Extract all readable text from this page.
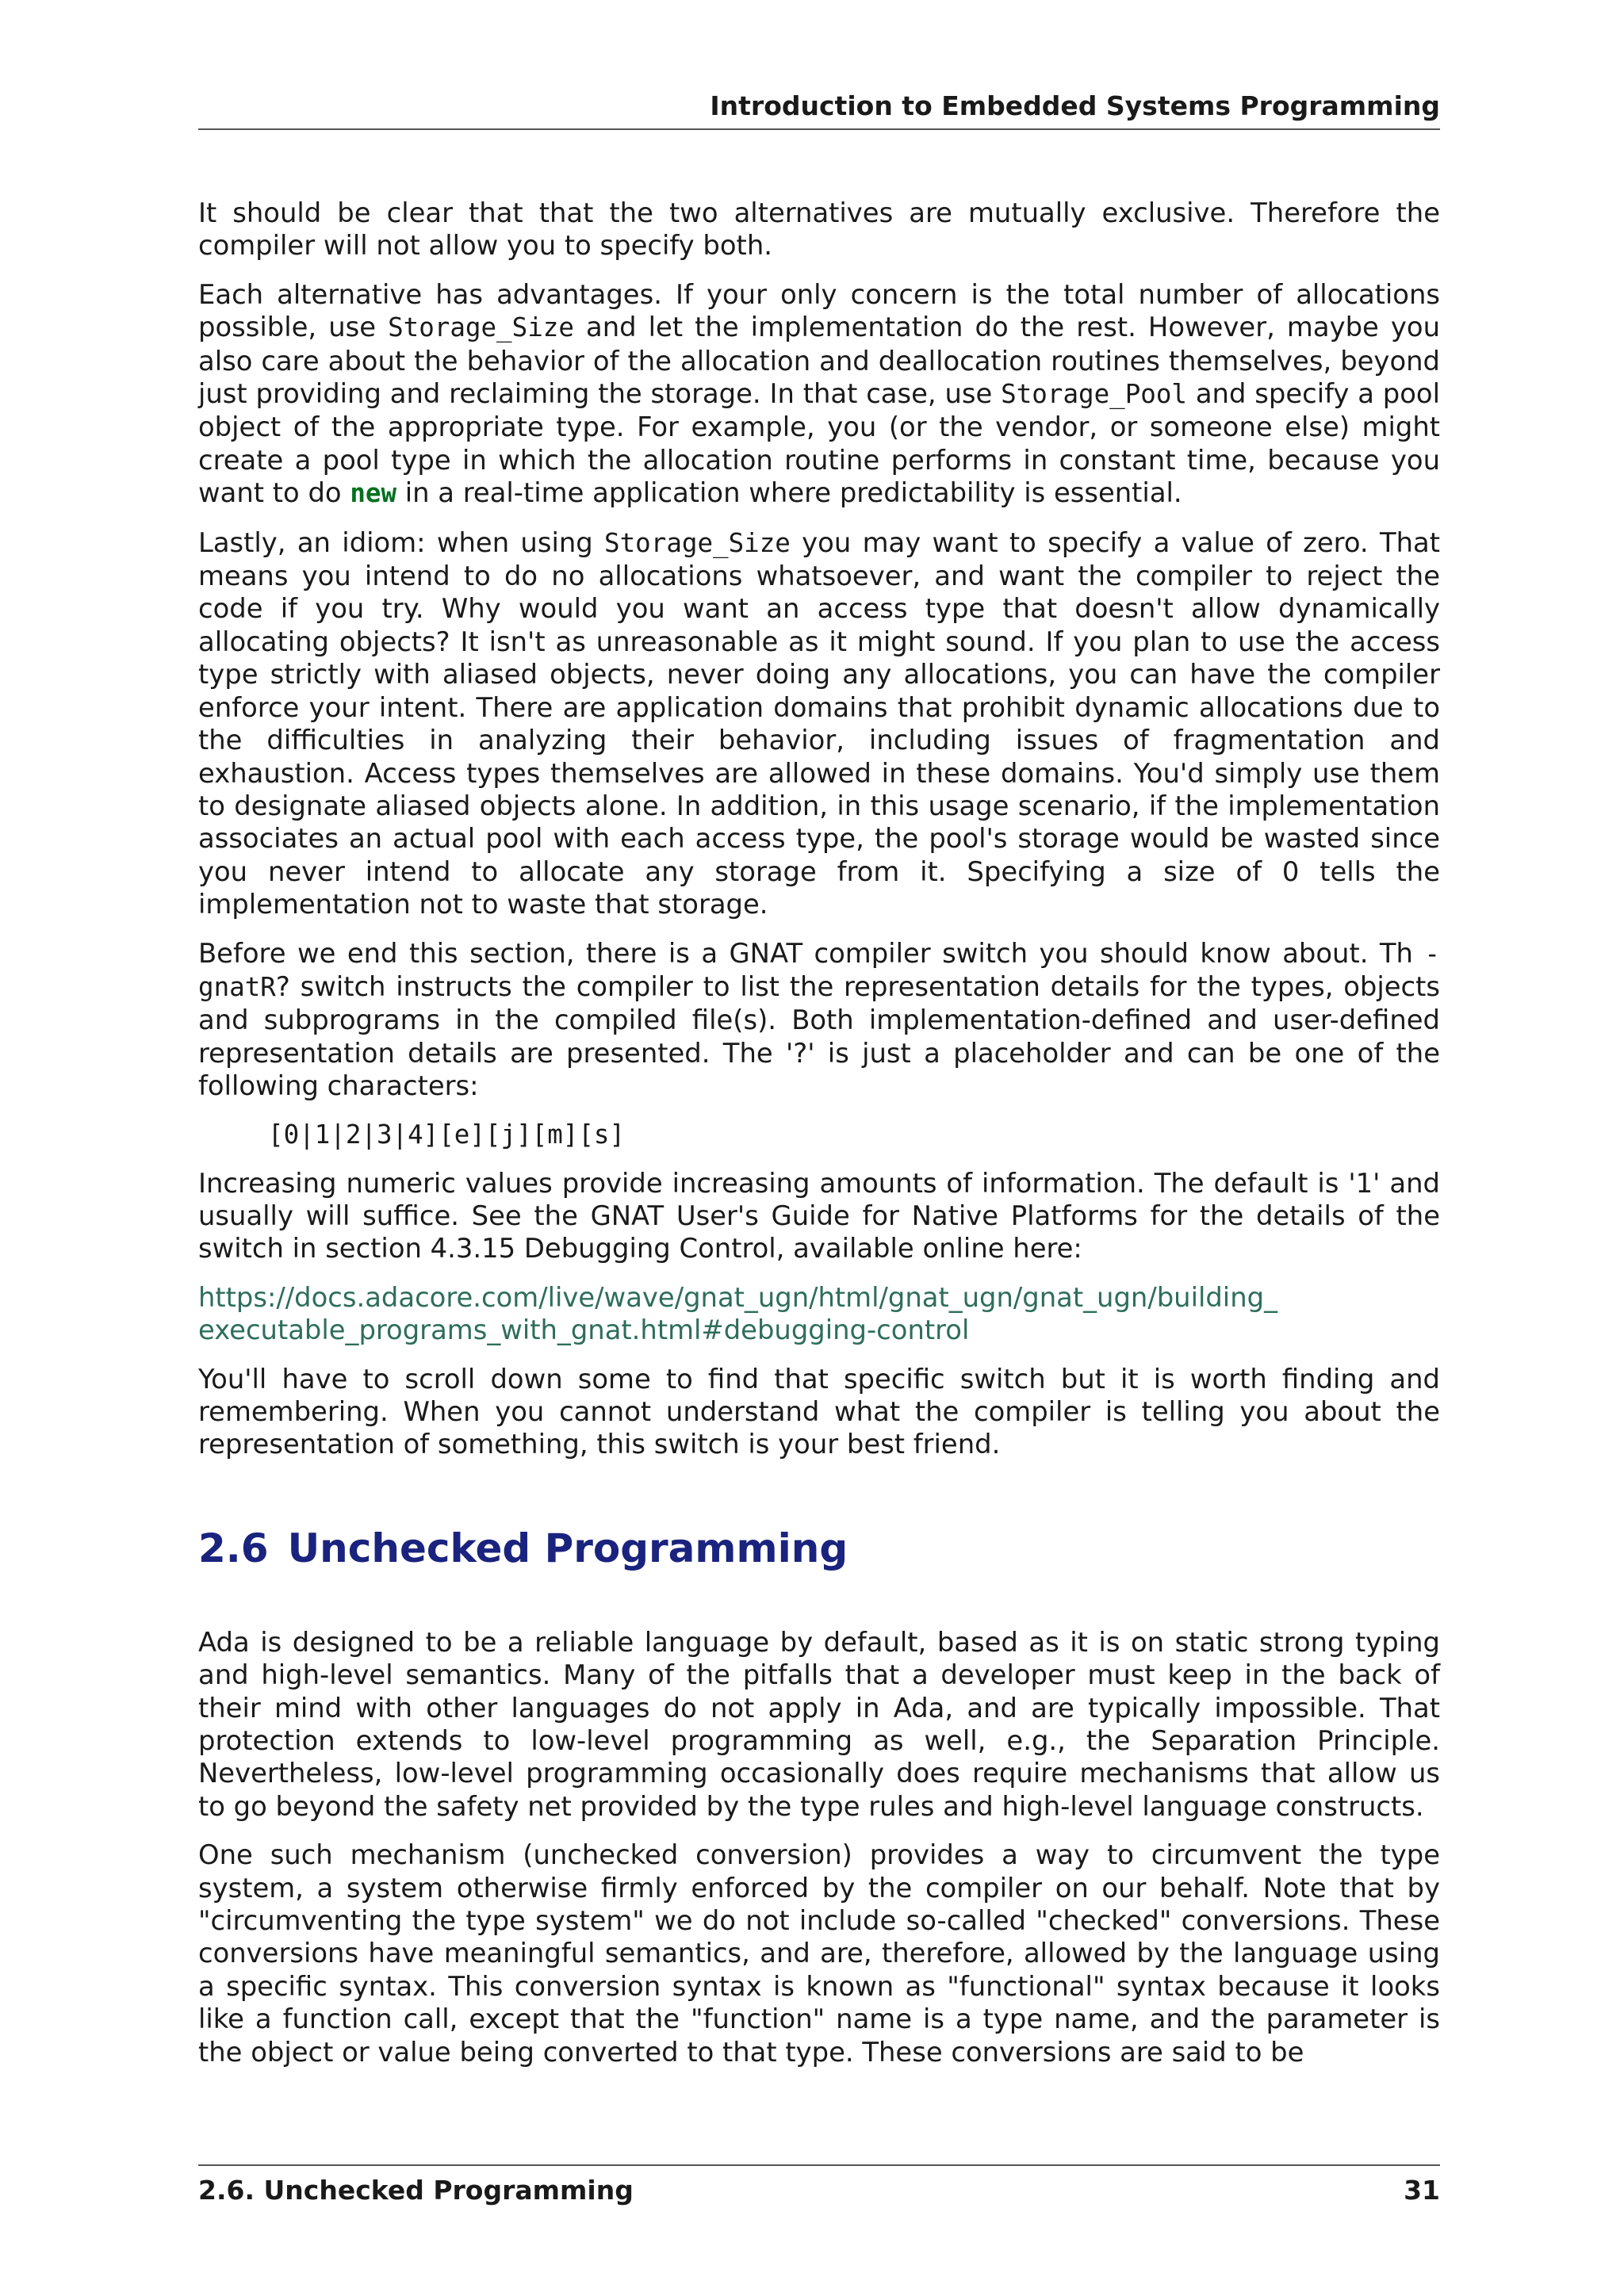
Introduction to Embedded Systems Programming

It should be clear that that the two alternatives are mutually exclusive. Therefore the compiler will not allow you to specify both.

Each alternative has advantages. If your only concern is the total number of allocations possible, use Storage_Size and let the implementation do the rest. However, maybe you also care about the behavior of the allocation and deallocation routines themselves, beyond just providing and reclaiming the storage. In that case, use Storage_Pool and specify a pool object of the appropriate type. For example, you (or the vendor, or someone else) might create a pool type in which the allocation routine performs in constant time, because you want to do new in a real-time application where predictability is essential.

Lastly, an idiom: when using Storage_Size you may want to specify a value of zero. That means you intend to do no allocations whatsoever, and want the compiler to reject the code if you try. Why would you want an access type that doesn't allow dynamically allocating objects? It isn't as unreasonable as it might sound. If you plan to use the access type strictly with aliased objects, never doing any allocations, you can have the compiler enforce your intent. There are application domains that prohibit dynamic allocations due to the difficulties in analyzing their behavior, including issues of fragmentation and exhaustion. Access types themselves are allowed in these domains. You'd simply use them to designate aliased objects alone. In addition, in this usage scenario, if the implementation associates an actual pool with each access type, the pool's storage would be wasted since you never intend to allocate any storage from it. Specifying a size of 0 tells the implementation not to waste that storage.

Before we end this section, there is a GNAT compiler switch you should know about. Th -gnatR? switch instructs the compiler to list the representation details for the types, objects and subprograms in the compiled file(s). Both implementation-defined and user-defined representation details are presented. The '?' is just a placeholder and can be one of the following characters:

[0|1|2|3|4][e][j][m][s]

Increasing numeric values provide increasing amounts of information. The default is '1' and usually will suffice. See the GNAT User's Guide for Native Platforms for the details of the switch in section 4.3.15 Debugging Control, available online here:

https://docs.adacore.com/live/wave/gnat_ugn/html/gnat_ugn/gnat_ugn/building_
executable_programs_with_gnat.html#debugging-control

You'll have to scroll down some to find that specific switch but it is worth finding and remembering. When you cannot understand what the compiler is telling you about the representation of something, this switch is your best friend.

2.6 Unchecked Programming

Ada is designed to be a reliable language by default, based as it is on static strong typing and high-level semantics. Many of the pitfalls that a developer must keep in the back of their mind with other languages do not apply in Ada, and are typically impossible. That protection extends to low-level programming as well, e.g., the Separation Principle. Nevertheless, low-level programming occasionally does require mechanisms that allow us to go beyond the safety net provided by the type rules and high-level language constructs.

One such mechanism (unchecked conversion) provides a way to circumvent the type system, a system otherwise firmly enforced by the compiler on our behalf. Note that by "circumventing the type system" we do not include so-called "checked" conversions. These conversions have meaningful semantics, and are, therefore, allowed by the language using a specific syntax. This conversion syntax is known as "functional" syntax because it looks like a function call, except that the "function" name is a type name, and the parameter is the object or value being converted to that type. These conversions are said to be

2.6. Unchecked Programming	31
